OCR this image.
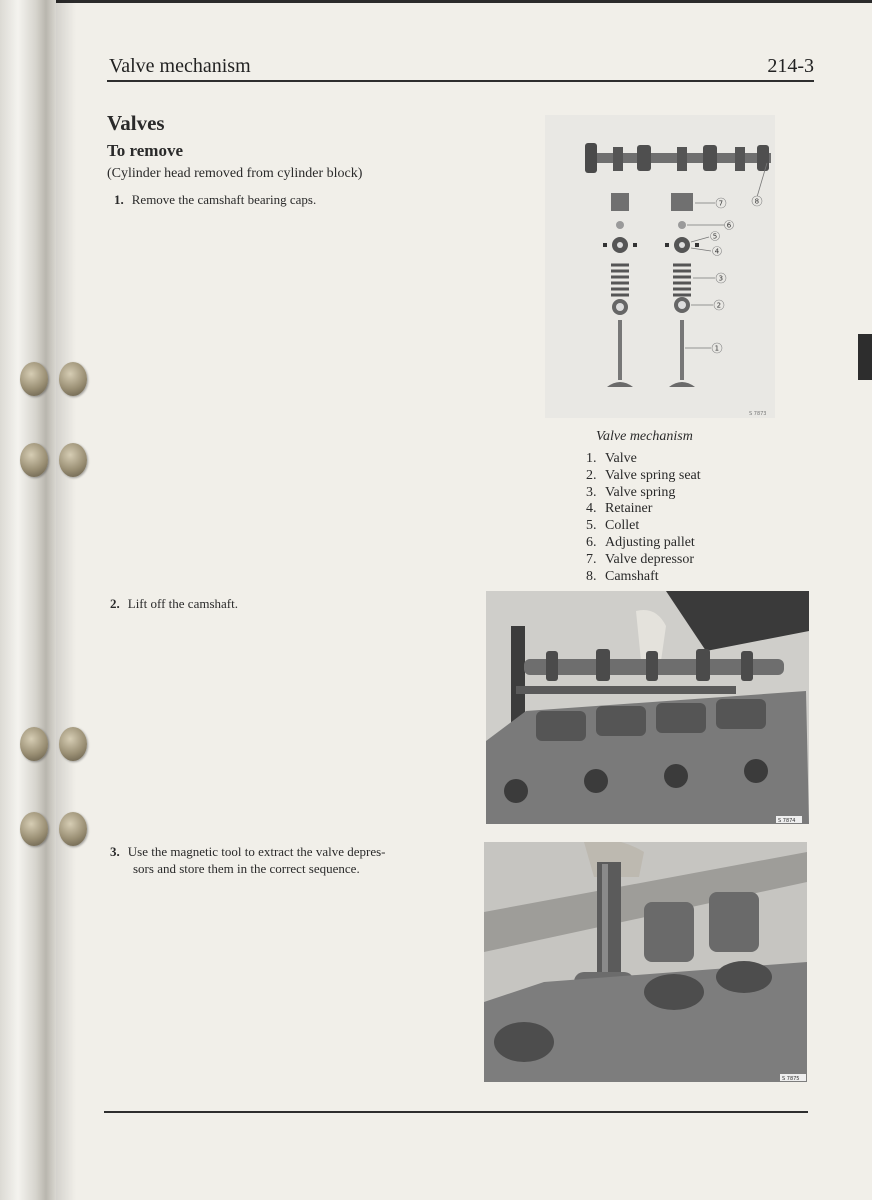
Valve mechanism	214-3
Valves
To remove
(Cylinder head removed from cylinder block)
1. Remove the camshaft bearing caps.
2. Lift off the camshaft.
3. Use the magnetic tool to extract the valve depres-
sors and store them in the correct sequence.
7	8
6
5
4
3
2
1
S 7873
Valve mechanism
1. Valve
2. Valve spring seat
3. Valve spring
4. Retainer
5. Collet
6. Adjusting pallet
7. Valve depressor
8. Camshaft
S 7874
S 7875
